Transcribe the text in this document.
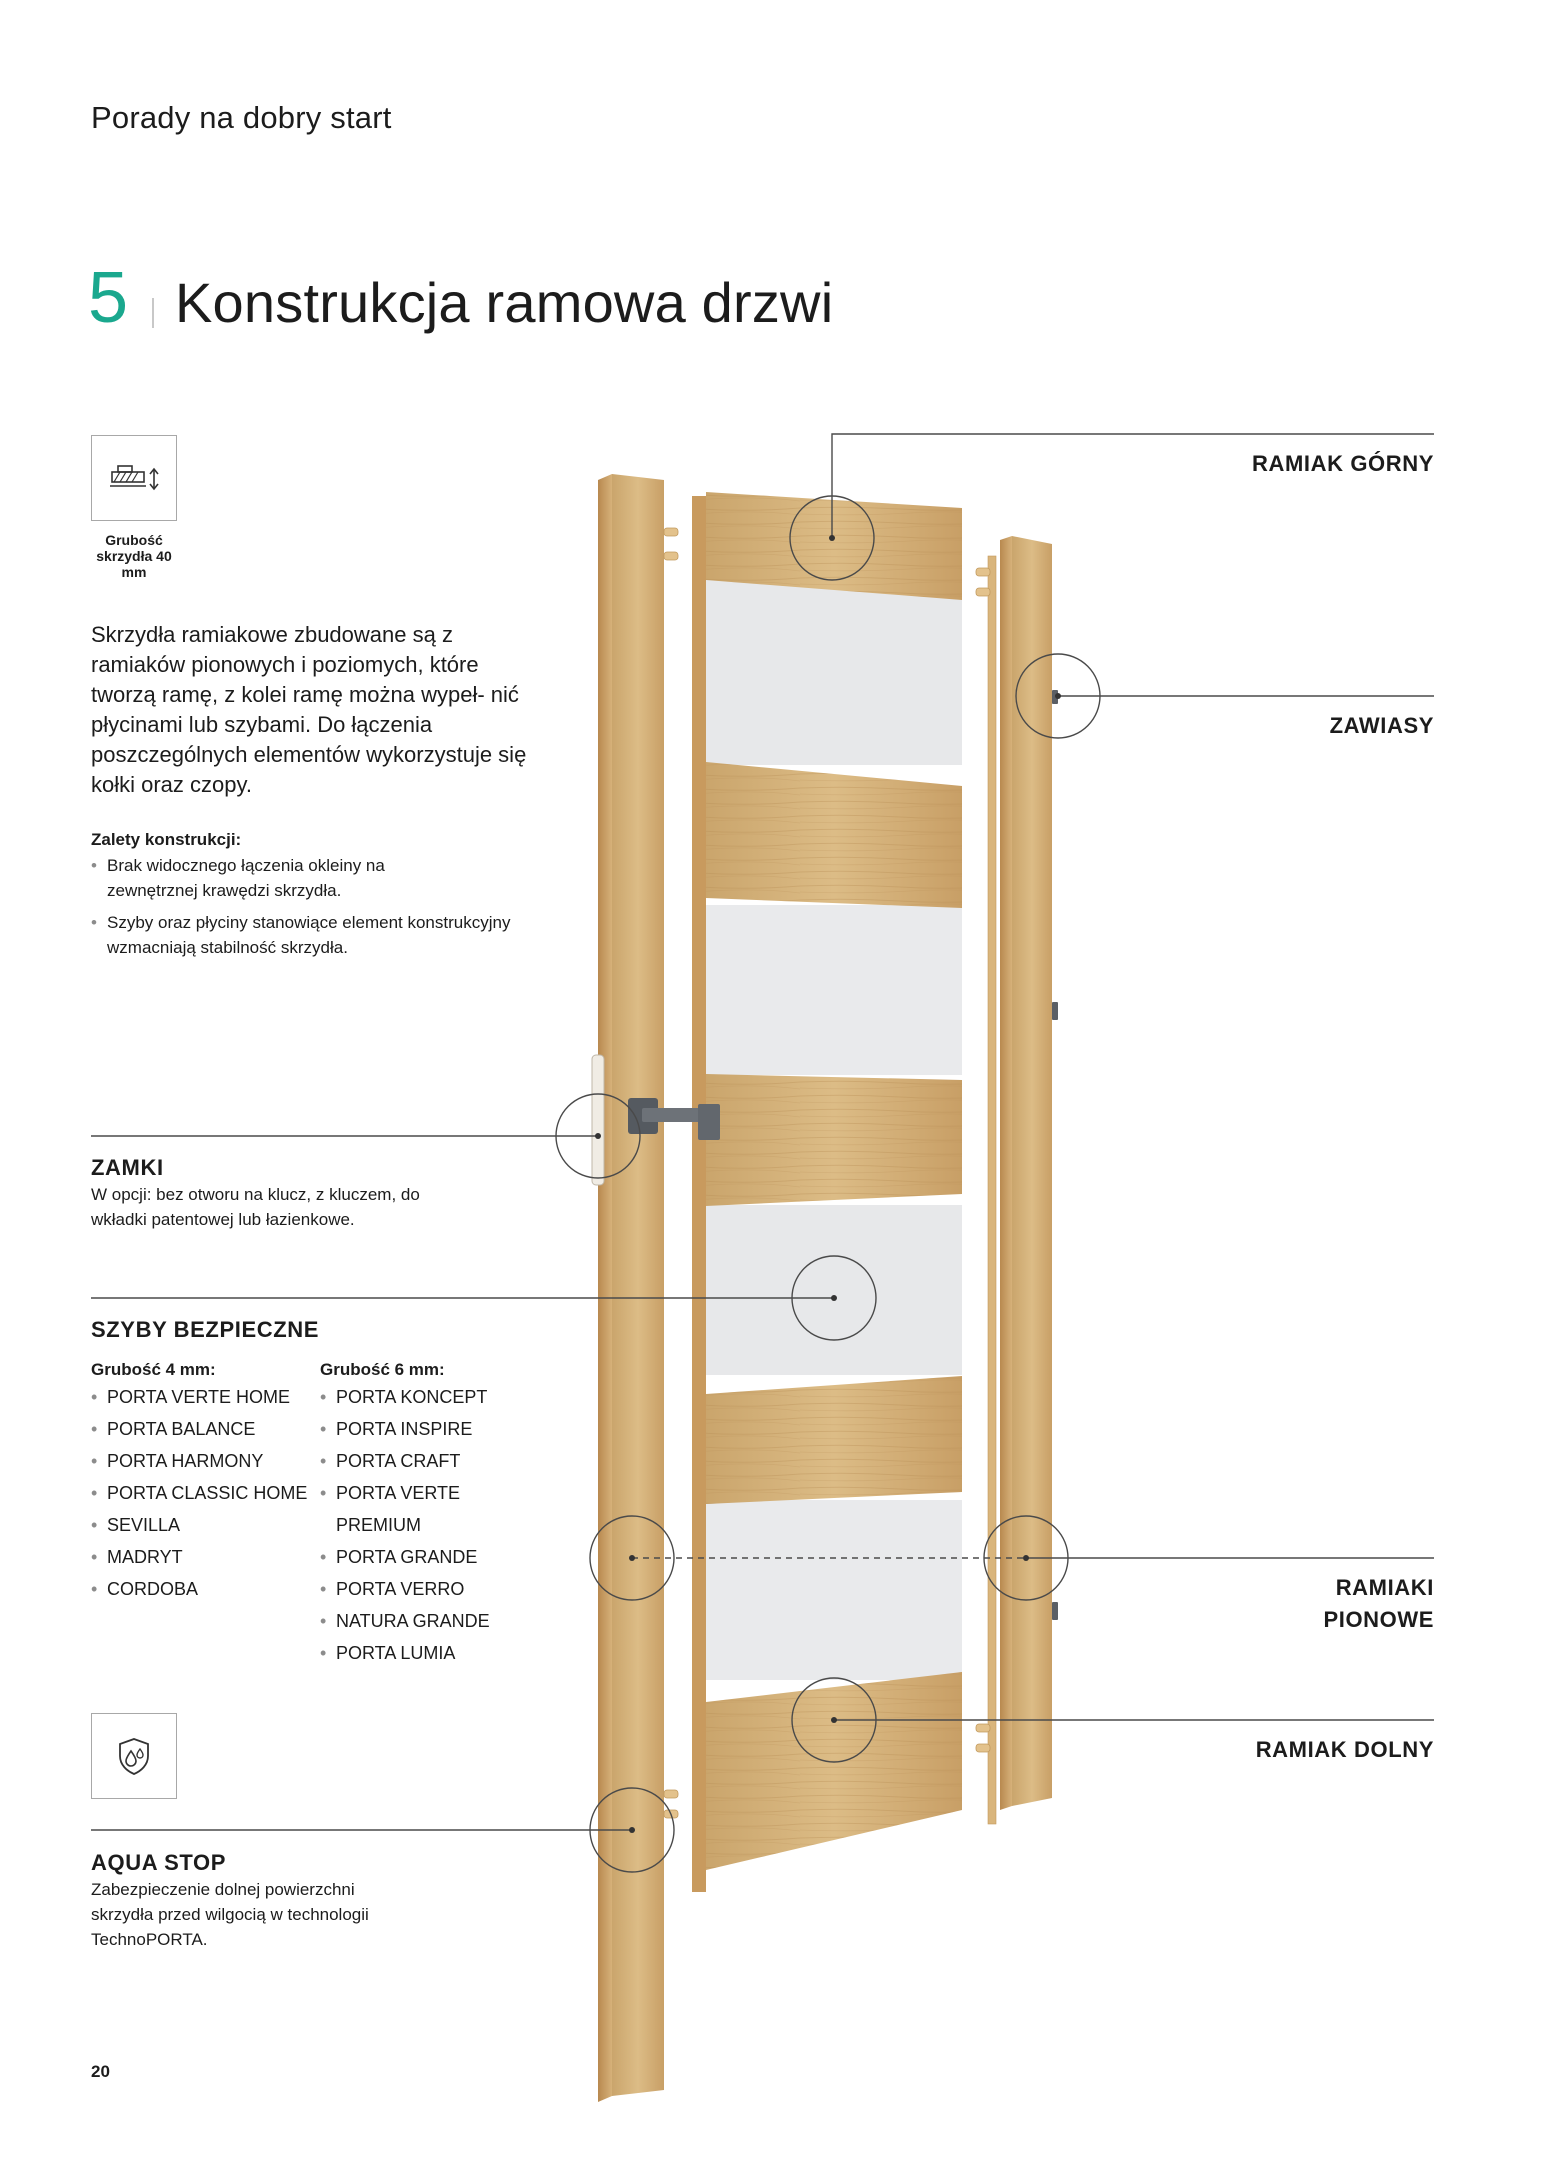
Porady na dobry start
5 Konstrukcja ramowa drzwi
Grubość skrzydła 40 mm

Skrzydła ramiakowe zbudowane są z ramiaków pionowych i poziomych, które tworzą ramę, z kolei ramę można wypeł- nić płycinami lub szybami. Do łączenia poszczególnych elementów wykorzystuje się kołki oraz czopy.

Zalety konstrukcji:
• Brak widocznego łączenia okleiny na zewnętrznej krawędzi skrzydła.
• Szyby oraz płyciny stanowiące element konstrukcyjny wzmacniają stabilność skrzydła.
ZAMKI
W opcji: bez otworu na klucz, z kluczem, do wkładki patentowej lub łazienkowe.
SZYBY BEZPIECZNE
Grubość 4 mm:
• PORTA VERTE HOME
• PORTA BALANCE
• PORTA HARMONY
• PORTA CLASSIC HOME
• SEVILLA
• MADRYT
• CORDOBA
Grubość 6 mm:
• PORTA KONCEPT
• PORTA INSPIRE
• PORTA CRAFT
• PORTA VERTE PREMIUM
• PORTA GRANDE
• PORTA VERRO
• NATURA GRANDE
• PORTA LUMIA
AQUA STOP
Zabezpieczenie dolnej powierzchni skrzydła przed wilgocią w technologii TechnoPORTA.
RAMIAK GÓRNY
ZAWIASY
RAMIAKI
PIONOWE
RAMIAK DOLNY
20
